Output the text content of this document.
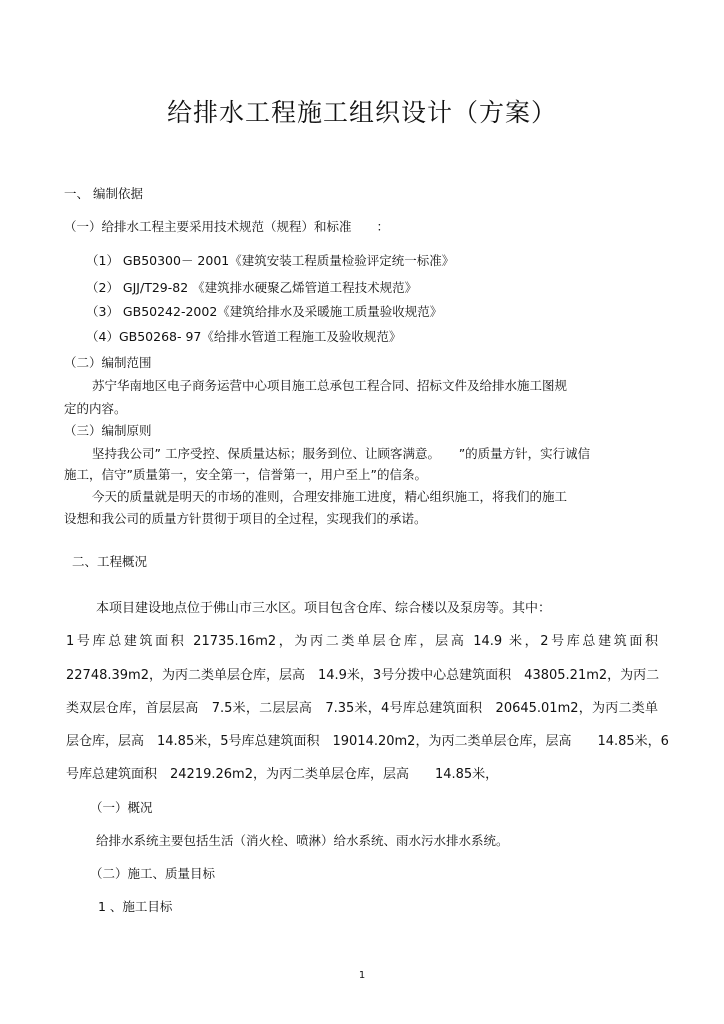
给排水工程施工组织设计（方案）
一、 编制依据
（一）给排水工程主要采用技术规范（规程）和标准　　：
（1） GB50300－ 2001《建筑安装工程质量检验评定统一标准》
（2） GJJ/T29-82 《建筑排水硬聚乙烯管道工程技术规范》
（3） GB50242-2002《建筑给排水及采暖施工质量验收规范》
（4）GB50268- 97《给排水管道工程施工及验收规范》
（二）编制范围
苏宁华南地区电子商务运营中心项目施工总承包工程合同、招标文件及给排水施工图规
定的内容。
（三）编制原则
坚持我公司” 工序受控、保质量达标；服务到位、让顾客满意。　　”的质量方针，实行诚信
施工，信守”质量第一，安全第一，信誉第一，用户至上”的信条。
今天的质量就是明天的市场的准则，合理安排施工进度，精心组织施工，将我们的施工
设想和我公司的质量方针贯彻于项目的全过程，实现我们的承诺。
二、工程概况
本项目建设地点位于佛山市三水区。项目包含仓库、综合楼以及泵房等。其中：
1号库总建筑面积 21735.16m2，为丙二类单层仓库，层高 14.9 米，2号库总建筑面积
22748.39m2，为丙二类单层仓库，层高　14.9米，3号分拨中心总建筑面积　43805.21m2，为丙二
类双层仓库，首层层高　7.5米，二层层高　7.35米，4号库总建筑面积　20645.01m2，为丙二类单
层仓库，层高　14.85米，5号库总建筑面积　19014.20m2，为丙二类单层仓库，层高　　14.85米，6
号库总建筑面积　24219.26m2，为丙二类单层仓库，层高　　14.85米，
（一）概况
给排水系统主要包括生活（消火栓、喷淋）给水系统、雨水污水排水系统。
（二）施工、质量目标
1 、施工目标
1
